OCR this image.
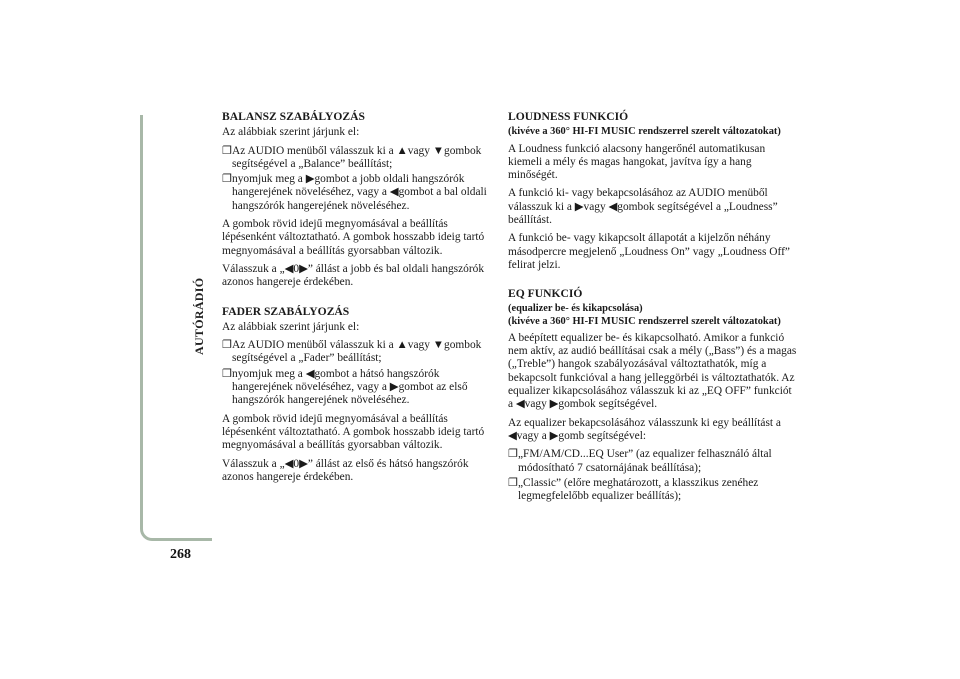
AUTÓRÁDIÓ
268

BALANSZ SZABÁLYOZÁS

Az alábbiak szerint járjunk el:

❐ Az AUDIO menüből válasszuk ki a ▲vagy ▼gombok segítségével a „Balance” beállítást;
❐ nyomjuk meg a ▶gombot a jobb oldali hangszórók hangerejének növeléséhez, vagy a ◀gombot a bal oldali hangszórók hangerejének növeléséhez.

A gombok rövid idejű megnyomásával a beállítás lépésenként változtatható. A gombok hosszabb ideig tartó megnyomásával a beállítás gyorsabban változik.

Válasszuk a „◀0▶” állást a jobb és bal oldali hangszórók azonos hangereje érdekében.

FADER SZABÁLYOZÁS

Az alábbiak szerint járjunk el:

❐ Az AUDIO menüből válasszuk ki a ▲vagy ▼gombok segítségével a „Fader” beállítást;
❐ nyomjuk meg a ◀gombot a hátsó hangszórók hangerejének növeléséhez, vagy a ▶gombot az első hangszórók hangerejének növeléséhez.

A gombok rövid idejű megnyomásával a beállítás lépésenként változtatható. A gombok hosszabb ideig tartó megnyomásával a beállítás gyorsabban változik.

Válasszuk a „◀0▶” állást az első és hátsó hangszórók azonos hangereje érdekében.

LOUDNESS FUNKCIÓ

(kivéve a 360° HI-FI MUSIC rendszerrel szerelt változatokat)

A Loudness funkció alacsony hangerőnél automatikusan kiemeli a mély és magas hangokat, javítva így a hang minőségét.

A funkció ki- vagy bekapcsolásához az AUDIO menüből válasszuk ki a ▶vagy ◀gombok segítségével a „Loudness” beállítást.

A funkció be- vagy kikapcsolt állapotát a kijelzőn néhány másodpercre megjelenő „Loudness On” vagy „Loudness Off” felirat jelzi.

EQ FUNKCIÓ

(equalizer be- és kikapcsolása)

(kivéve a 360° HI-FI MUSIC rendszerrel szerelt változatokat)

A beépített equalizer be- és kikapcsolható. Amikor a funkció nem aktív, az audió beállításai csak a mély („Bass”) és a magas („Treble”) hangok szabályozásával változtathatók, míg a bekapcsolt funkcióval a hang jelleggörbéi is változtathatók. Az equalizer kikapcsolásához válasszuk ki az „EQ OFF” funkciót a ◀vagy ▶gombok segítségével.

Az equalizer bekapcsolásához válasszunk ki egy beállítást a ◀vagy a ▶gomb segítségével:

❐ „FM/AM/CD...EQ User” (az equalizer felhasználó által módosítható 7 csatornájának beállítása);
❐ „Classic” (előre meghatározott, a klasszikus zenéhez legmegfelelőbb equalizer beállítás);
